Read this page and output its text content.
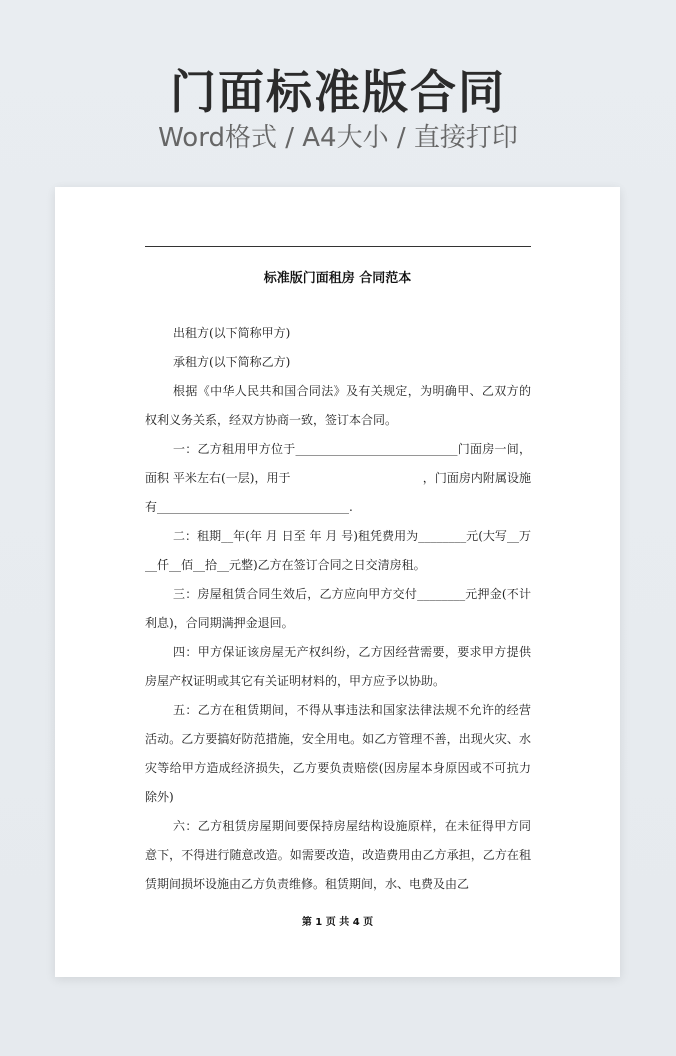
门面标准版合同
Word格式 / A4大小 / 直接打印
标准版门面租房 合同范本

出租方(以下简称甲方)

承租方(以下简称乙方)

根据《中华人民共和国合同法》及有关规定，为明确甲、乙双方的权利义务关系，经双方协商一致，签订本合同。

一：乙方租用甲方位于___________________________门面房一间，面积 平米左右(一层)，用于　　　　　　　　　　　，门面房内附属设施有________________________________.

二：租期__年(年 月 日至 年 月 号)租凭费用为________元(大写__万__仟__佰__拾__元整)乙方在签订合同之日交清房租。

三：房屋租赁合同生效后，乙方应向甲方交付________元押金(不计利息)，合同期满押金退回。

四：甲方保证该房屋无产权纠纷，乙方因经营需要，要求甲方提供房屋产权证明或其它有关证明材料的，甲方应予以协助。

五：乙方在租赁期间，不得从事违法和国家法律法规不允许的经营活动。乙方要搞好防范措施，安全用电。如乙方管理不善，出现火灾、水灾等给甲方造成经济损失，乙方要负责赔偿(因房屋本身原因或不可抗力除外)

六：乙方租赁房屋期间要保持房屋结构设施原样，在未征得甲方同意下，不得进行随意改造。如需要改造，改造费用由乙方承担，乙方在租赁期间损坏设施由乙方负责维修。租赁期间，水、电费及由乙

第 1 页 共 4 页
